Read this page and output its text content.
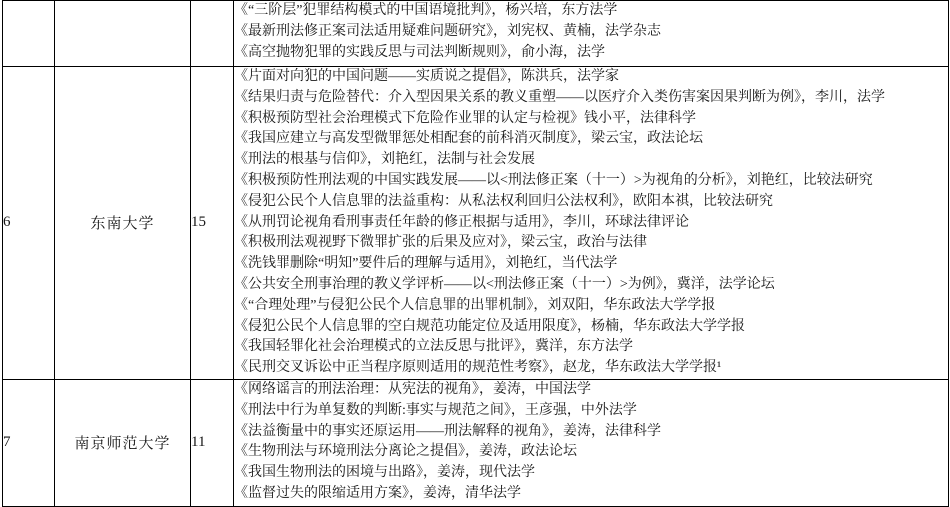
			《“三阶层”犯罪结构模式的中国语境批判》，杨兴培，东方法学
《最新刑法修正案司法适用疑难问题研究》，刘宪权、黄楠，法学杂志
《高空抛物犯罪的实践反思与司法判断规则》，俞小海，法学

6	东南大学	15	
《片面对向犯的中国问题——实质说之提倡》，陈洪兵，法学家
《结果归责与危险替代：介入型因果关系的教义重塑——以医疗介入类伤害案因果判断为例》，李川，法学
《积极预防型社会治理模式下危险作业罪的认定与检视》钱小平，法律科学
《我国应建立与高发型微罪惩处相配套的前科消灭制度》，梁云宝，政法论坛
《刑法的根基与信仰》，刘艳红，法制与社会发展
《积极预防性刑法观的中国实践发展——以<刑法修正案（十一）>为视角的分析》，刘艳红，比较法研究
《侵犯公民个人信息罪的法益重构：从私法权利回归公法权利》，欧阳本祺，比较法研究
《从刑罚论视角看刑事责任年龄的修正根据与适用》，李川，环球法律评论
《积极刑法观视野下微罪扩张的后果及应对》，梁云宝，政治与法律
《洗钱罪删除“明知”要件后的理解与适用》，刘艳红，当代法学
《公共安全刑事治理的教义学评析——以<刑法修正案（十一）>为例》，冀洋，法学论坛
《“合理处理”与侵犯公民个人信息罪的出罪机制》，刘双阳，华东政法大学学报
《侵犯公民个人信息罪的空白规范功能定位及适用限度》，杨楠，华东政法大学学报
《我国轻罪化社会治理模式的立法反思与批评》，冀洋，东方法学
《民刑交叉诉讼中正当程序原则适用的规范性考察》，赵龙，华东政法大学学报¹

7	南京师范大学	11	
《网络谣言的刑法治理：从宪法的视角》，姜涛，中国法学
《刑法中行为单复数的判断:事实与规范之间》，王彦强，中外法学
《法益衡量中的事实还原运用——刑法解释的视角》，姜涛，法律科学
《生物刑法与环境刑法分离论之提倡》，姜涛，政法论坛
《我国生物刑法的困境与出路》，姜涛，现代法学
《监督过失的限缩适用方案》，姜涛，清华法学
